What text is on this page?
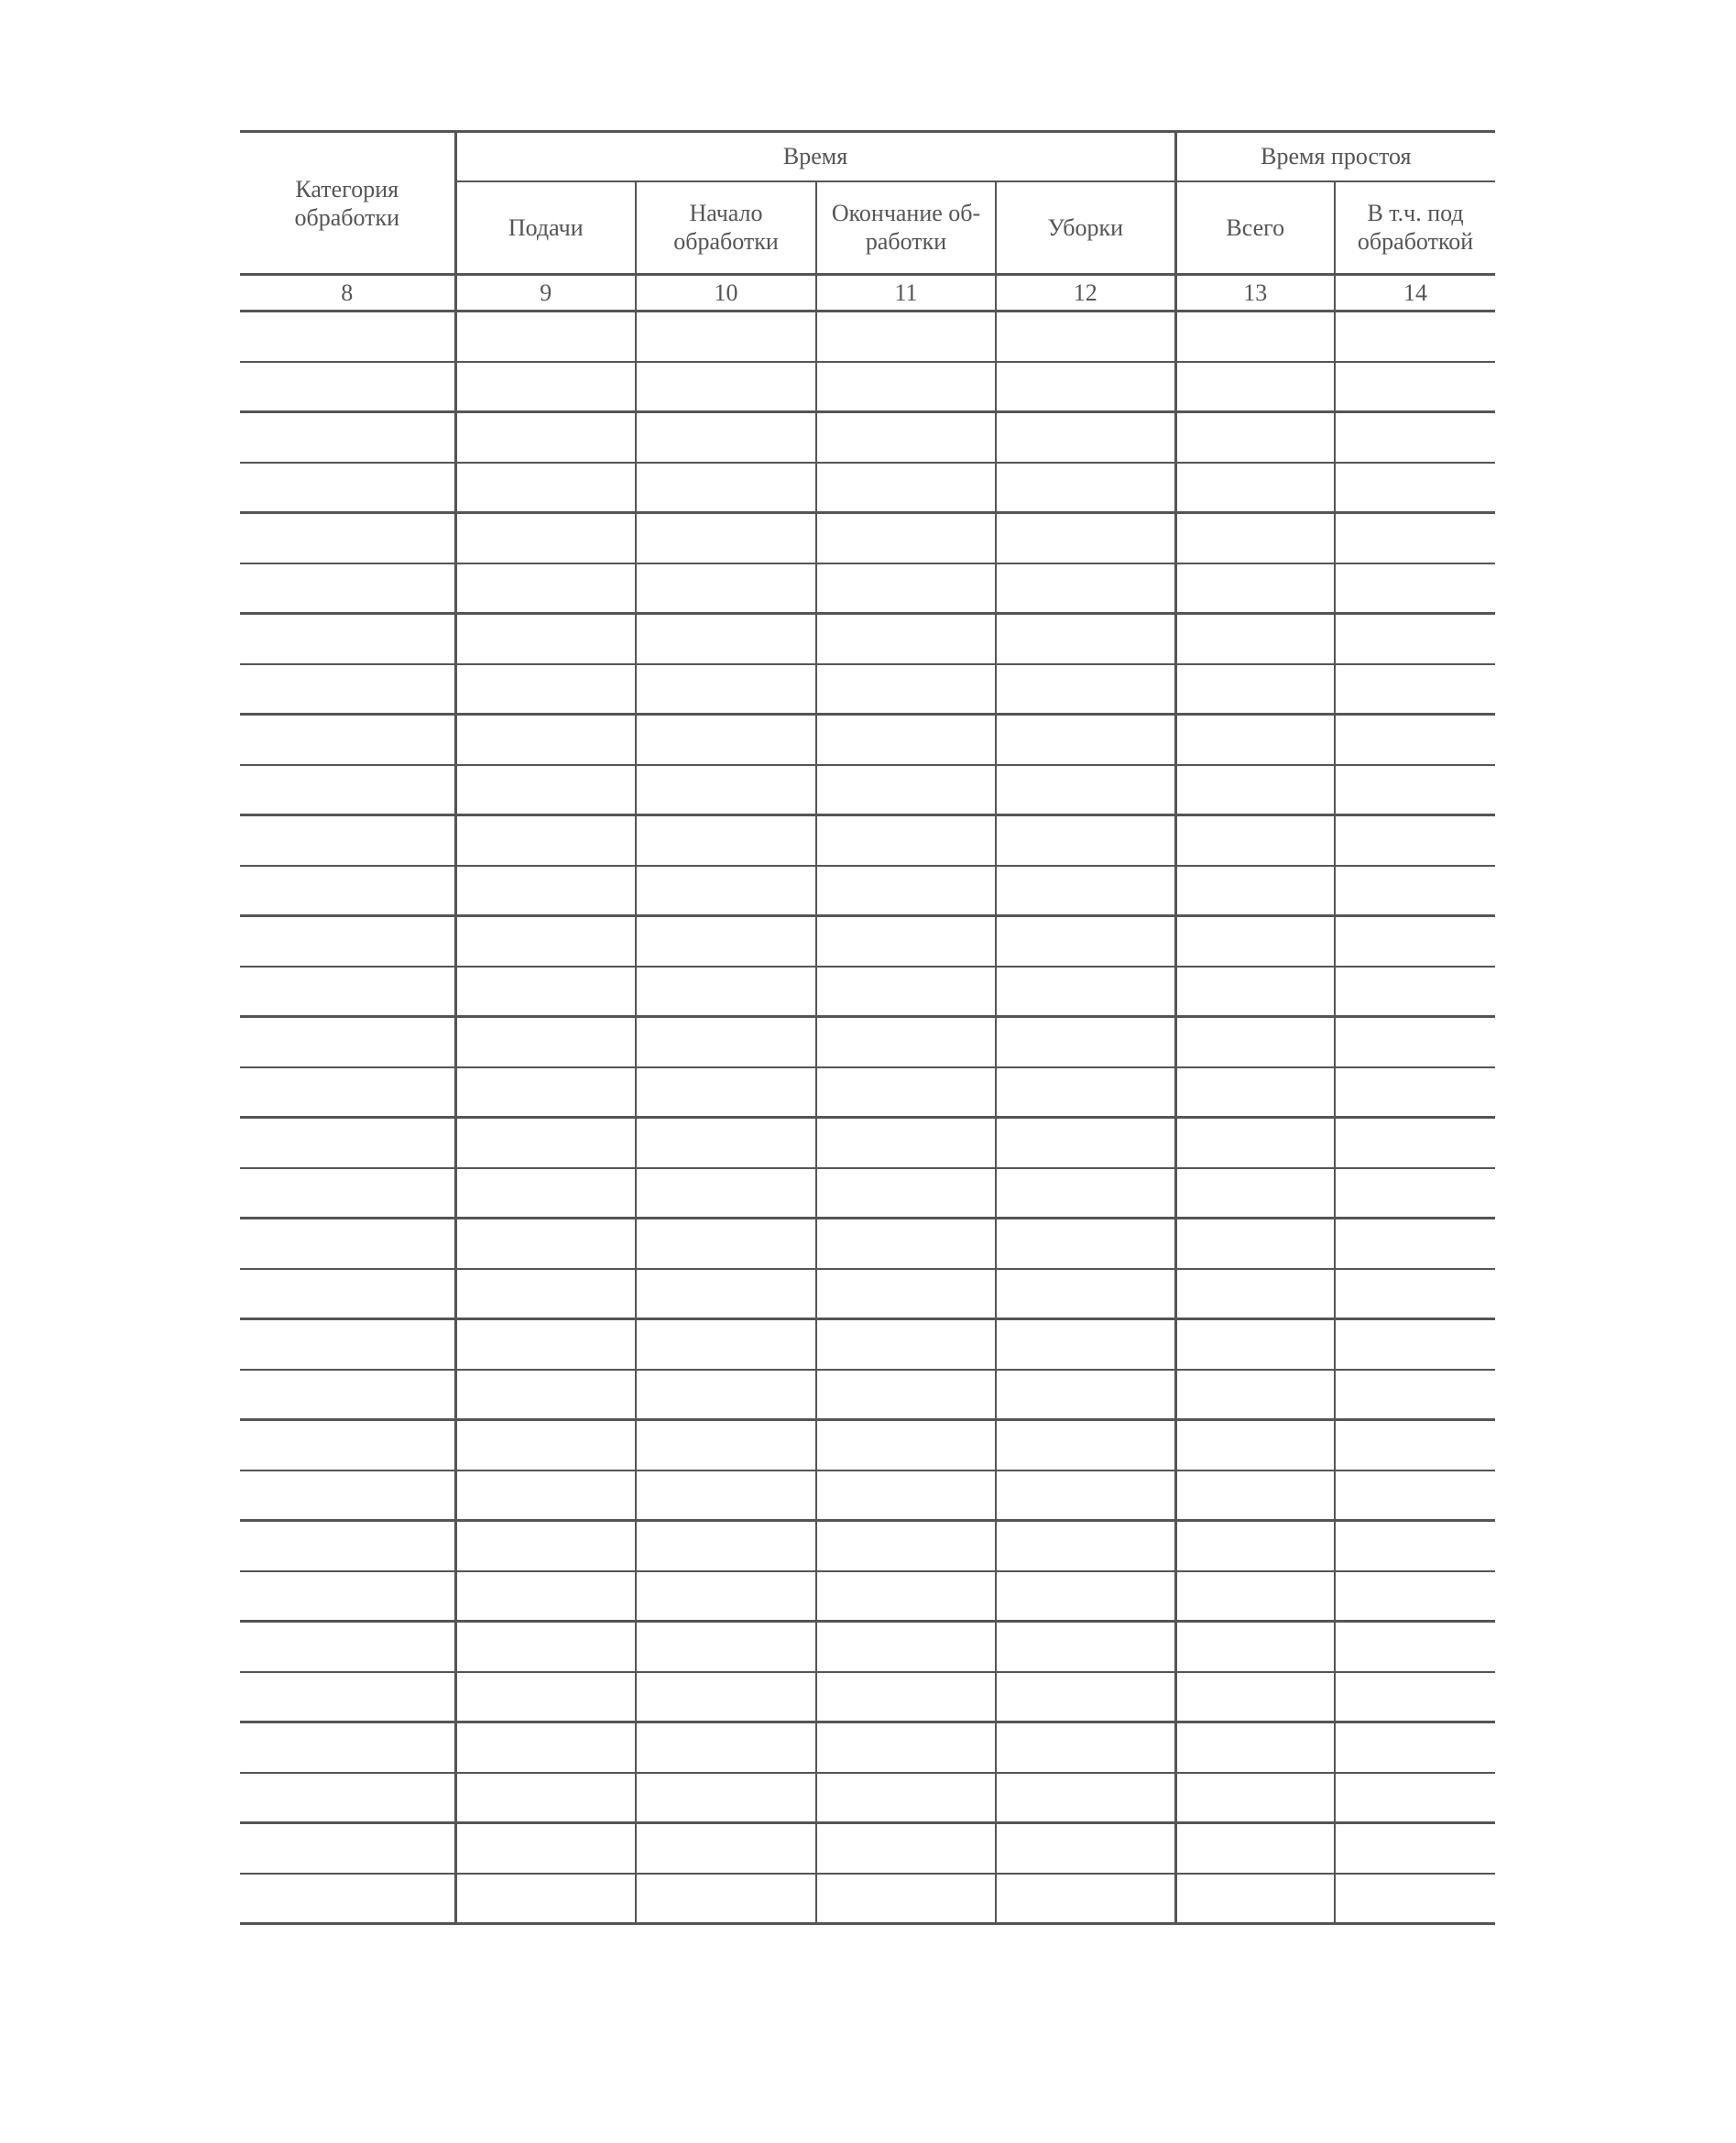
Категория обработки	Время				Время простоя	
	Подачи	Начало обработки	Окончание об-работки	Уборки	Всего	В т.ч. под обработкой
8	9	10	11	12	13	14
